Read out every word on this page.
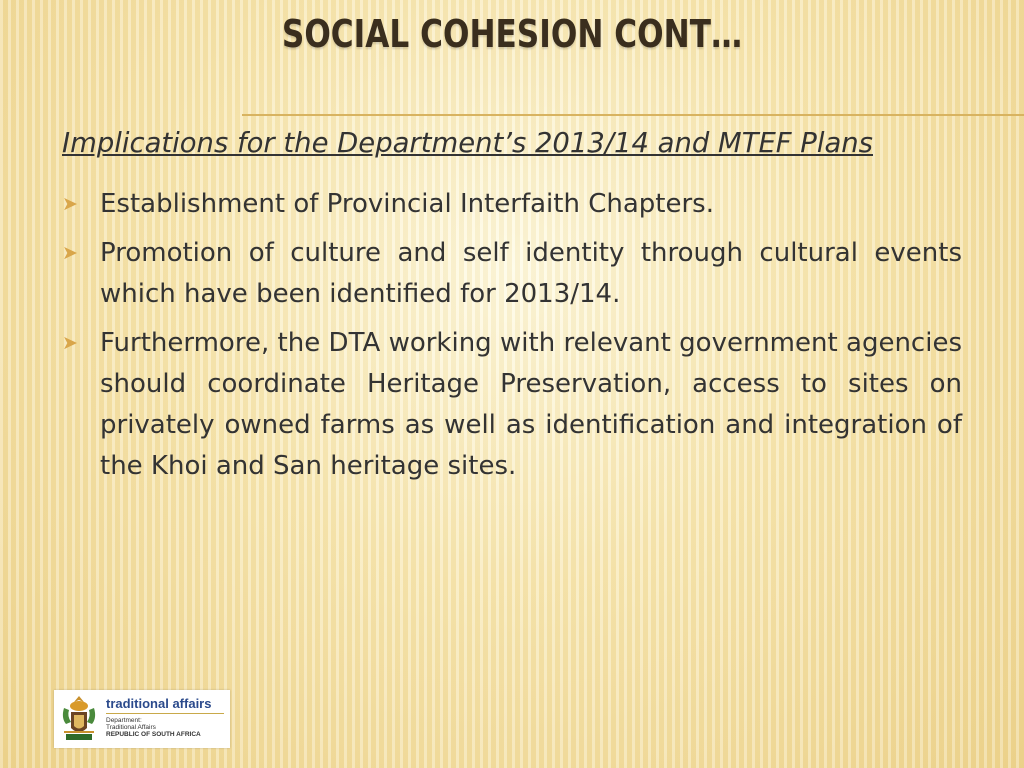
SOCIAL COHESION CONT…

Implications for the Department’s 2013/14 and MTEF Plans

➤ Establishment of Provincial Interfaith Chapters.
➤ Promotion of culture and self identity through cultural events which have been identified for 2013/14.
➤ Furthermore, the DTA working with relevant government agencies should coordinate Heritage Preservation, access to sites on privately owned farms as well as identification and integration of the Khoi and San heritage sites.
traditional affairs
Department:
Traditional Affairs
REPUBLIC OF SOUTH AFRICA
